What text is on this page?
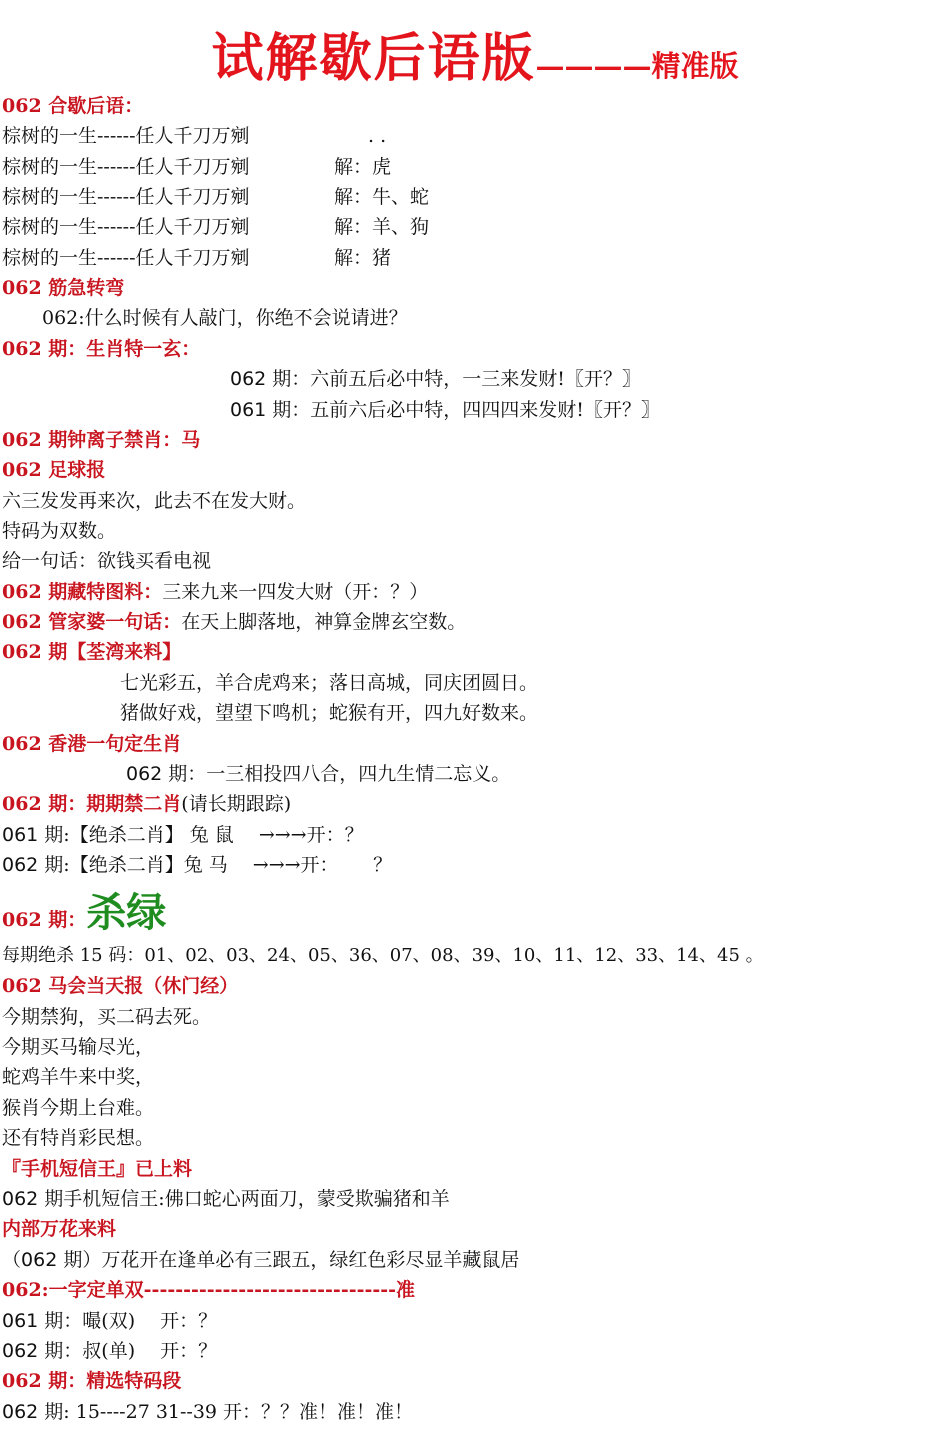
试解歇后语版————精准版
062 合歇后语：
棕树的一生------任人千刀万剜	. .
棕树的一生------任人千刀万剜	解：虎
棕树的一生------任人千刀万剜	解：牛、蛇
棕树的一生------任人千刀万剜	解：羊、狗
棕树的一生------任人千刀万剜	解：猪
062 筋急转弯
062:什么时候有人敲门，你绝不会说请进？
062 期：生肖特一玄：
062 期：六前五后必中特，一三来发财!〖开？〗
061 期：五前六后必中特，四四四来发财!〖开？〗
062 期钟离子禁肖：马
062 足球报
六三发发再来次，此去不在发大财。
特码为双数。
给一句话：欲钱买看电视
062 期藏特图料：三来九来一四发大财（开：？）
062 管家婆一句话：在天上脚落地，神算金牌玄空数。
062 期【荃湾来料】
七光彩五，羊合虎鸡来；落日高城，同庆团圆日。
猪做好戏，望望下鸣机；蛇猴有开，四九好数来。
062 香港一句定生肖
062 期：一三相投四八合，四九生情二忘义。
062 期：期期禁二肖(请长期跟踪)
061 期:【绝杀二肖】 兔 鼠　 →→→开：？
062 期:【绝杀二肖】兔 马　 →→→开：　　 ？
062 期：杀绿
每期绝杀 15 码：01、02、03、24、05、36、07、08、39、10、11、12、33、14、45 。
062 马会当天报（休门经）
今期禁狗，买二码去死。
今期买马输尽光，
蛇鸡羊牛来中奖，
猴肖今期上台难。
还有特肖彩民想。
『手机短信王』已上料
062 期手机短信王:佛口蛇心两面刀，蒙受欺骗猪和羊
内部万花来料
（062 期）万花开在逢单必有三跟五，绿红色彩尽显羊藏鼠居
062:一字定单双--------------------------------准
061 期：嘬(双)　 开：？
062 期：叔(单)　 开：？
062 期：精选特码段
062 期: 15----27 31--39 开：？？准！准！准！
